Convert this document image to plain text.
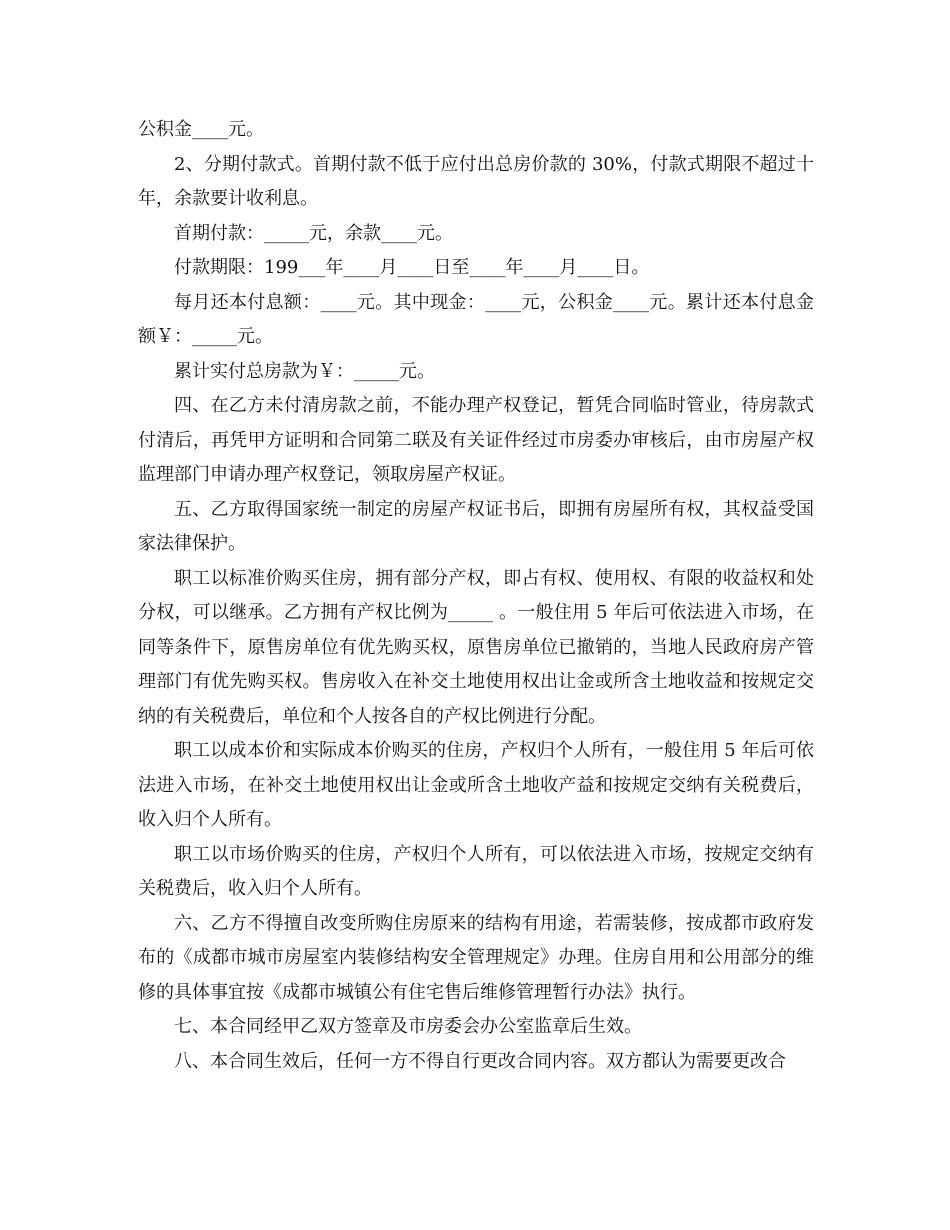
公积金____元。

2、分期付款式。首期付款不低于应付出总房价款的 30%，付款式期限不超过十年，余款要计收利息。

首期付款：_____元，余款____元。

付款期限：199___年____月____日至____年____月____日。

每月还本付息额：____元。其中现金：____元，公积金____元。累计还本付息金额￥：_____元。

累计实付总房款为￥：_____元。

四、在乙方未付清房款之前，不能办理产权登记，暂凭合同临时管业，待房款式付清后，再凭甲方证明和合同第二联及有关证件经过市房委办审核后，由市房屋产权监理部门申请办理产权登记，领取房屋产权证。

五、乙方取得国家统一制定的房屋产权证书后，即拥有房屋所有权，其权益受国家法律保护。

职工以标准价购买住房，拥有部分产权，即占有权、使用权、有限的收益权和处分权，可以继承。乙方拥有产权比例为_____ 。一般住用 5 年后可依法进入市场，在同等条件下，原售房单位有优先购买权，原售房单位已撤销的，当地人民政府房产管理部门有优先购买权。售房收入在补交土地使用权出让金或所含土地收益和按规定交纳的有关税费后，单位和个人按各自的产权比例进行分配。

职工以成本价和实际成本价购买的住房，产权归个人所有，一般住用 5 年后可依法进入市场，在补交土地使用权出让金或所含土地收产益和按规定交纳有关税费后，收入归个人所有。

职工以市场价购买的住房，产权归个人所有，可以依法进入市场，按规定交纳有关税费后，收入归个人所有。

六、乙方不得擅自改变所购住房原来的结构有用途，若需装修，按成都市政府发布的《成都市城市房屋室内装修结构安全管理规定》办理。住房自用和公用部分的维修的具体事宜按《成都市城镇公有住宅售后维修管理暂行办法》执行。

七、本合同经甲乙双方签章及市房委会办公室监章后生效。

八、本合同生效后，任何一方不得自行更改合同内容。双方都认为需要更改合
